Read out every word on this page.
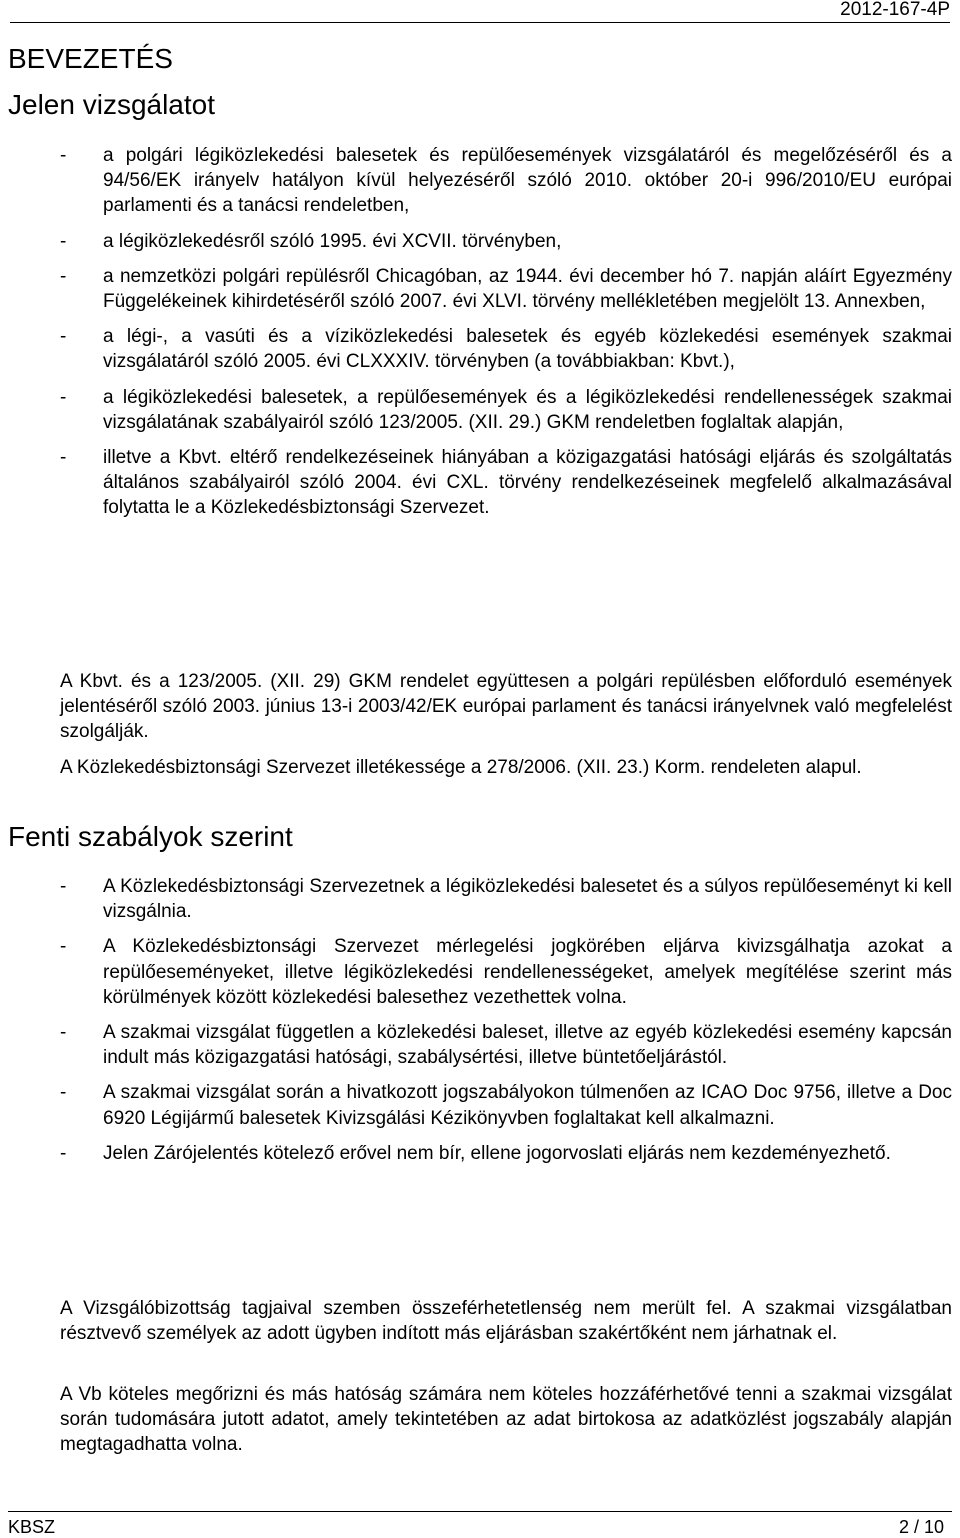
2012-167-4P
BEVEZETÉS
Jelen vizsgálatot
- a polgári légiközlekedési balesetek és repülőesemények vizsgálatáról és megelőzéséről és a 94/56/EK irányelv hatályon kívül helyezéséről szóló 2010. október 20-i 996/2010/EU európai parlamenti és a tanácsi rendeletben,
- a légiközlekedésről szóló 1995. évi XCVII. törvényben,
- a nemzetközi polgári repülésről Chicagóban, az 1944. évi december hó 7. napján aláírt Egyezmény Függelékeinek kihirdetéséről szóló 2007. évi XLVI. törvény mellékletében megjelölt 13. Annexben,
- a légi-, a vasúti és a víziközlekedési balesetek és egyéb közlekedési események szakmai vizsgálatáról szóló 2005. évi CLXXXIV. törvényben (a továbbiakban: Kbvt.),
- a légiközlekedési balesetek, a repülőesemények és a légiközlekedési rendellenességek szakmai vizsgálatának szabályairól szóló 123/2005. (XII. 29.) GKM rendeletben foglaltak alapján,
- illetve a Kbvt. eltérő rendelkezéseinek hiányában a közigazgatási hatósági eljárás és szolgáltatás általános szabályairól szóló 2004. évi CXL. törvény rendelkezéseinek megfelelő alkalmazásával folytatta le a Közlekedésbiztonsági Szervezet.

A Kbvt. és a 123/2005. (XII. 29) GKM rendelet együttesen a polgári repülésben előforduló események jelentéséről szóló 2003. június 13-i 2003/42/EK európai parlament és tanácsi irányelvnek való megfelelést szolgálják.

A Közlekedésbiztonsági Szervezet illetékessége a 278/2006. (XII. 23.) Korm. rendeleten alapul.

Fenti szabályok szerint
- A Közlekedésbiztonsági Szervezetnek a légiközlekedési balesetet és a súlyos repülőeseményt ki kell vizsgálnia.
- A Közlekedésbiztonsági Szervezet mérlegelési jogkörében eljárva kivizsgálhatja azokat a repülőeseményeket, illetve légiközlekedési rendellenességeket, amelyek megítélése szerint más körülmények között közlekedési balesethez vezethettek volna.
- A szakmai vizsgálat független a közlekedési baleset, illetve az egyéb közlekedési esemény kapcsán indult más közigazgatási hatósági, szabálysértési, illetve büntetőeljárástól.
- A szakmai vizsgálat során a hivatkozott jogszabályokon túlmenően az ICAO Doc 9756, illetve a Doc 6920 Légijármű balesetek Kivizsgálási Kézikönyvben foglaltakat kell alkalmazni.
- Jelen Zárójelentés kötelező erővel nem bír, ellene jogorvoslati eljárás nem kezdeményezhető.

A Vizsgálóbizottság tagjaival szemben összeférhetetlenség nem merült fel. A szakmai vizsgálatban résztvevő személyek az adott ügyben indított más eljárásban szakértőként nem járhatnak el.

A Vb köteles megőrizni és más hatóság számára nem köteles hozzáférhetővé tenni a szakmai vizsgálat során tudomására jutott adatot, amely tekintetében az adat birtokosa az adatközlést jogszabály alapján megtagadhatta volna.

KBSZ	2 / 10
